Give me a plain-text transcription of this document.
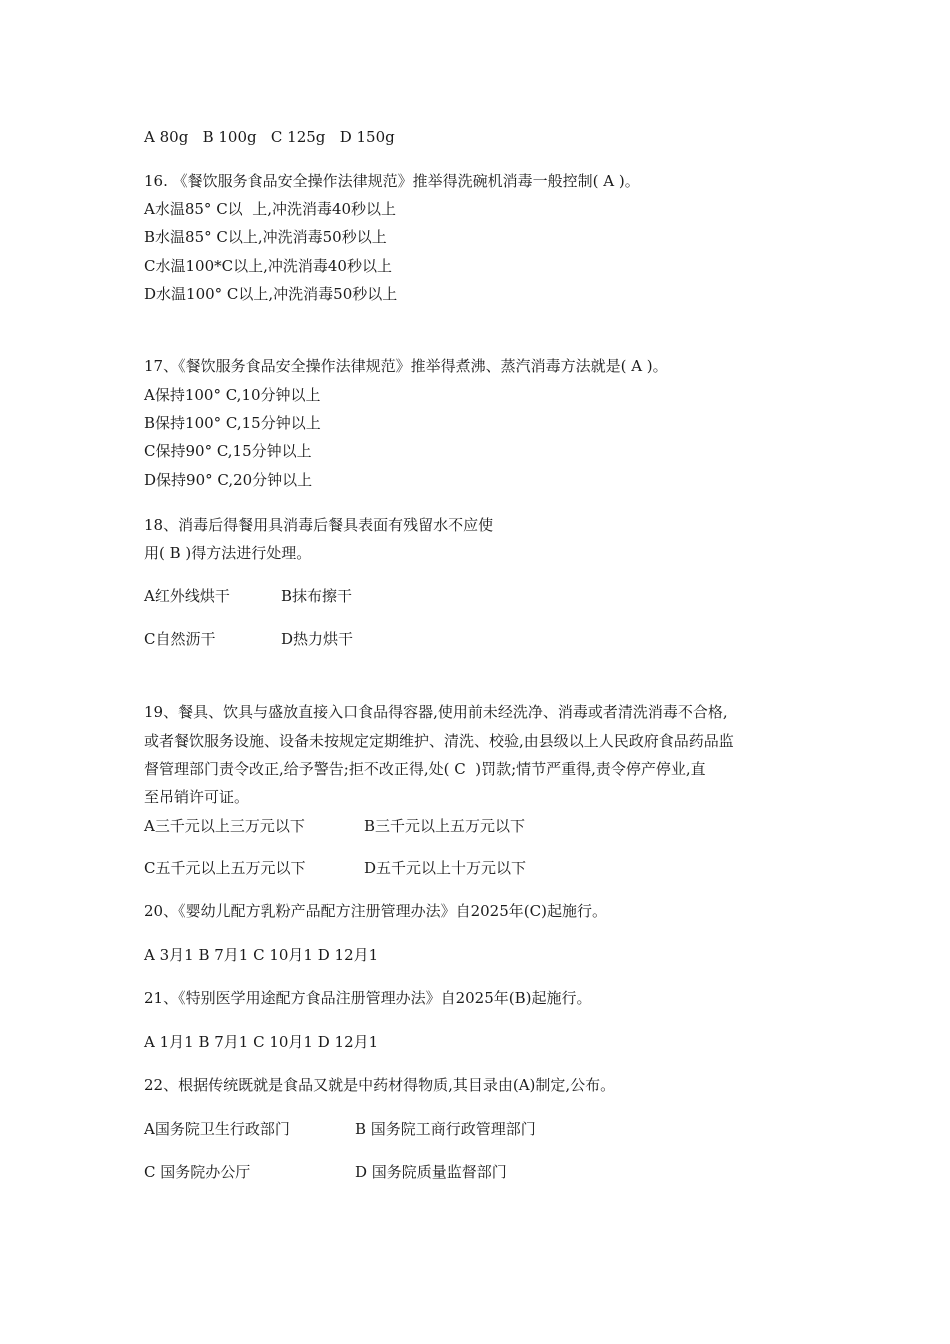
A 80g   B 100g   C 125g   D 150g
16. 《餐饮服务食品安全操作法律规范》推举得洗碗机消毒一般控制( A )。
A水温85° C以  上,冲洗消毒40秒以上
B水温85° C以上,冲洗消毒50秒以上
C水温100*C以上,冲洗消毒40秒以上
D水温100° C以上,冲洗消毒50秒以上
17、《餐饮服务食品安全操作法律规范》推举得煮沸、蒸汽消毒方法就是( A )。
A保持100° C,10分钟以上
B保持100° C,15分钟以上
C保持90° C,15分钟以上
D保持90° C,20分钟以上
18、消毒后得餐用具消毒后餐具表面有残留水不应使
用( B )得方法进行处理。
A红外线烘干	B抹布擦干
C自然沥干	D热力烘干
19、餐具、饮具与盛放直接入口食品得容器,使用前未经洗净、消毒或者清洗消毒不合格,
或者餐饮服务设施、设备未按规定定期维护、清洗、校验,由县级以上人民政府食品药品监
督管理部门责令改正,给予警告;拒不改正得,处( C  )罚款;情节严重得,责令停产停业,直
至吊销许可证。
A三千元以上三万元以下	B三千元以上五万元以下
C五千元以上五万元以下	D五千元以上十万元以下
20、《婴幼儿配方乳粉产品配方注册管理办法》自2025年(C)起施行。
A 3月1 B 7月1 C 10月1 D 12月1
21、《特别医学用途配方食品注册管理办法》自2025年(B)起施行。
A 1月1 B 7月1 C 10月1 D 12月1
22、根据传统既就是食品又就是中药材得物质,其目录由(A)制定,公布。
A国务院卫生行政部门	B 国务院工商行政管理部门
C 国务院办公厅	D 国务院质量监督部门
